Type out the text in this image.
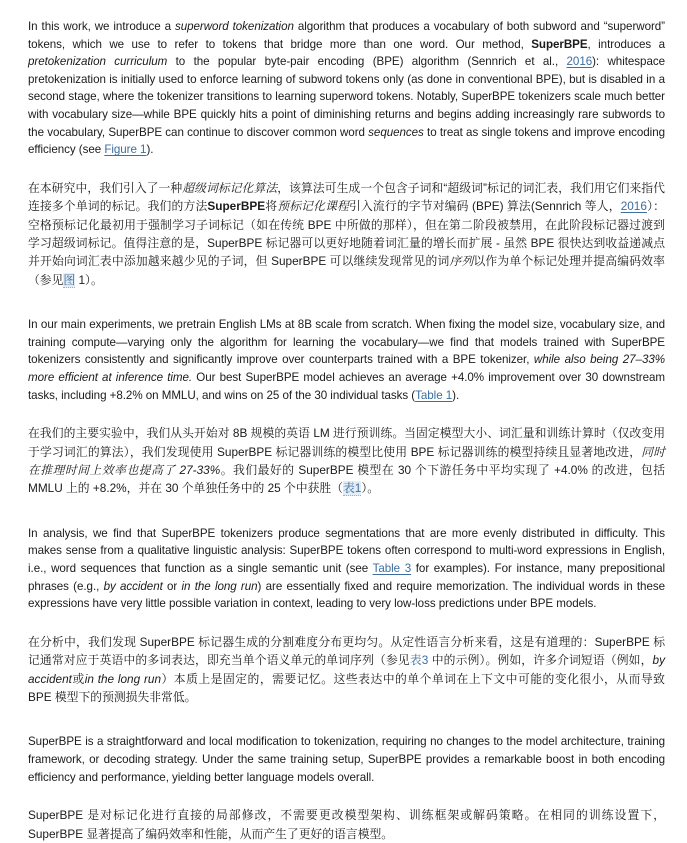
In this work, we introduce a superword tokenization algorithm that produces a vocabulary of both subword and “superword” tokens, which we use to refer to tokens that bridge more than one word. Our method, SuperBPE, introduces a pretokenization curriculum to the popular byte-pair encoding (BPE) algorithm (Sennrich et al., 2016): whitespace pretokenization is initially used to enforce learning of subword tokens only (as done in conventional BPE), but is disabled in a second stage, where the tokenizer transitions to learning superword tokens. Notably, SuperBPE tokenizers scale much better with vocabulary size—while BPE quickly hits a point of diminishing returns and begins adding increasingly rare subwords to the vocabulary, SuperBPE can continue to discover common word sequences to treat as single tokens and improve encoding efficiency (see Figure 1).

在本研究中，我们引入了一种超级词标记化算法，该算法可生成一个包含子词和“超级词”标记的词汇表，我们用它们来指代连接多个单词的标记。我们的方法SuperBPE将预标记化课程引入流行的字节对编码 (BPE) 算法(Sennrich 等人，2016）：空格预标记化最初用于强制学习子词标记（如在传统 BPE 中所做的那样），但在第二阶段被禁用，在此阶段标记器过渡到学习超级词标记。值得注意的是，SuperBPE 标记器可以更好地随着词汇量的增长而扩展 - 虽然 BPE 很快达到收益递减点并开始向词汇表中添加越来越少见的子词，但 SuperBPE 可以继续发现常见的词序列以作为单个标记处理并提高编码效率（参见图 1）。

In our main experiments, we pretrain English LMs at 8B scale from scratch. When fixing the model size, vocabulary size, and training compute—varying only the algorithm for learning the vocabulary—we find that models trained with SuperBPE tokenizers consistently and significantly improve over counterparts trained with a BPE tokenizer, while also being 27–33% more efficient at inference time. Our best SuperBPE model achieves an average +4.0% improvement over 30 downstream tasks, including +8.2% on MMLU, and wins on 25 of the 30 individual tasks (Table 1).

在我们的主要实验中，我们从头开始对 8B 规模的英语 LM 进行预训练。当固定模型大小、词汇量和训练计算时（仅改变用于学习词汇的算法），我们发现使用 SuperBPE 标记器训练的模型比使用 BPE 标记器训练的模型持续且显著地改进，同时在推理时间上效率也提高了 27-33%。我们最好的 SuperBPE 模型在 30 个下游任务中平均实现了 +4.0% 的改进，包括 MMLU 上的 +8.2%，并在 30 个单独任务中的 25 个中获胜（表1）。

In analysis, we find that SuperBPE tokenizers produce segmentations that are more evenly distributed in difficulty. This makes sense from a qualitative linguistic analysis: SuperBPE tokens often correspond to multi-word expressions in English, i.e., word sequences that function as a single semantic unit (see Table 3 for examples). For instance, many prepositional phrases (e.g., by accident or in the long run) are essentially fixed and require memorization. The individual words in these expressions have very little possible variation in context, leading to very low-loss predictions under BPE models.

在分析中，我们发现 SuperBPE 标记器生成的分割难度分布更均匀。从定性语言分析来看，这是有道理的：SuperBPE 标记通常对应于英语中的多词表达，即充当单个语义单元的单词序列（参见表3 中的示例）。例如，许多介词短语（例如，by accident或in the long run）本质上是固定的，需要记忆。这些表达中的单个单词在上下文中可能的变化很小，从而导致 BPE 模型下的预测损失非常低。

SuperBPE is a straightforward and local modification to tokenization, requiring no changes to the model architecture, training framework, or decoding strategy. Under the same training setup, SuperBPE provides a remarkable boost in both encoding efficiency and performance, yielding better language models overall.

SuperBPE 是对标记化进行直接的局部修改，不需要更改模型架构、训练框架或解码策略。在相同的训练设置下，SuperBPE 显著提高了编码效率和性能，从而产生了更好的语言模型。
